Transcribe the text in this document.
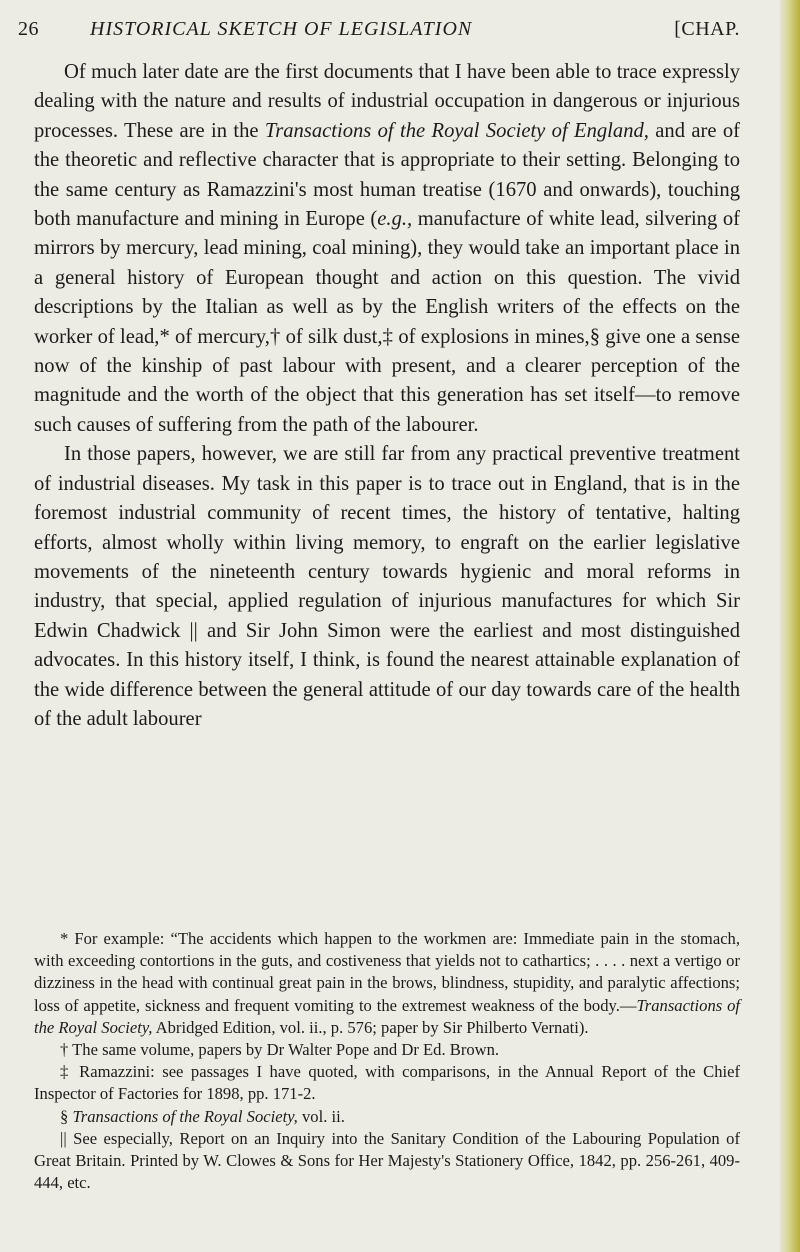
26	HISTORICAL SKETCH OF LEGISLATION	[CHAP.

Of much later date are the first documents that I have been able to trace expressly dealing with the nature and results of industrial occupation in dangerous or injurious processes. These are in the Transactions of the Royal Society of England, and are of the theoretic and reflective character that is appropriate to their setting. Belonging to the same century as Ramazzini's most human treatise (1670 and onwards), touching both manufacture and mining in Europe (e.g., manufacture of white lead, silvering of mirrors by mercury, lead mining, coal mining), they would take an important place in a general history of European thought and action on this question. The vivid descriptions by the Italian as well as by the English writers of the effects on the worker of lead,* of mercury,† of silk dust,‡ of explosions in mines,§ give one a sense now of the kinship of past labour with present, and a clearer perception of the magnitude and the worth of the object that this generation has set itself—to remove such causes of suffering from the path of the labourer.

In those papers, however, we are still far from any practical preventive treatment of industrial diseases. My task in this paper is to trace out in England, that is in the foremost industrial community of recent times, the history of tentative, halting efforts, almost wholly within living memory, to engraft on the earlier legislative movements of the nineteenth century towards hygienic and moral reforms in industry, that special, applied regulation of injurious manufactures for which Sir Edwin Chadwick || and Sir John Simon were the earliest and most distinguished advocates. In this history itself, I think, is found the nearest attainable explanation of the wide difference between the general attitude of our day towards care of the health of the adult labourer

* For example: “The accidents which happen to the workmen are: Immediate pain in the stomach, with exceeding contortions in the guts, and costiveness that yields not to cathartics; . . . . next a vertigo or dizziness in the head with continual great pain in the brows, blindness, stupidity, and paralytic affections; loss of appetite, sickness and frequent vomiting to the extremest weakness of the body.—Transactions of the Royal Society, Abridged Edition, vol. ii., p. 576; paper by Sir Philberto Vernati).

† The same volume, papers by Dr Walter Pope and Dr Ed. Brown.

‡ Ramazzini: see passages I have quoted, with comparisons, in the Annual Report of the Chief Inspector of Factories for 1898, pp. 171-2.

§ Transactions of the Royal Society, vol. ii.

|| See especially, Report on an Inquiry into the Sanitary Condition of the Labouring Population of Great Britain. Printed by W. Clowes & Sons for Her Majesty's Stationery Office, 1842, pp. 256-261, 409-444, etc.
